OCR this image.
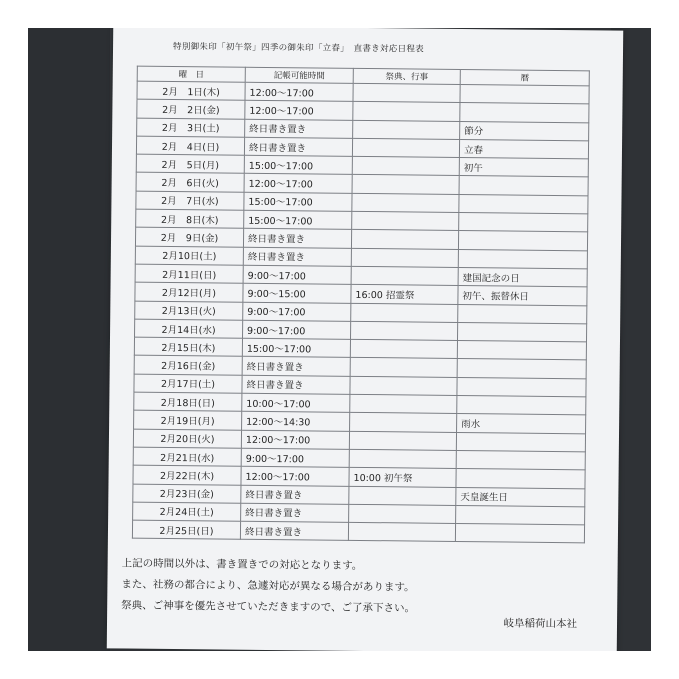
特別御朱印「初午祭」四季の御朱印「立春」　直書き対応日程表
曜　日	記帳可能時間	祭典、行事	暦
2月　1日(木)	12:00〜17:00		
2月　2日(金)	12:00〜17:00		
2月　3日(土)	終日書き置き		節分
2月　4日(日)	終日書き置き		立春
2月　5日(月)	15:00〜17:00		初午
2月　6日(火)	12:00〜17:00		
2月　7日(水)	15:00〜17:00		
2月　8日(木)	15:00〜17:00		
2月　9日(金)	終日書き置き		
2月10日(土)	終日書き置き		
2月11日(日)	9:00〜17:00		建国記念の日
2月12日(月)	9:00〜15:00	16:00 招霊祭	初午、振替休日
2月13日(火)	9:00〜17:00		
2月14日(水)	9:00〜17:00		
2月15日(木)	15:00〜17:00		
2月16日(金)	終日書き置き		
2月17日(土)	終日書き置き		
2月18日(日)	10:00〜17:00		
2月19日(月)	12:00〜14:30		雨水
2月20日(火)	12:00〜17:00		
2月21日(水)	9:00〜17:00		
2月22日(木)	12:00〜17:00	10:00 初午祭	
2月23日(金)	終日書き置き		天皇誕生日
2月24日(土)	終日書き置き		
2月25日(日)	終日書き置き		
上記の時間以外は、書き置きでの対応となります。
また、社務の都合により、急遽対応が異なる場合があります。
祭典、ご神事を優先させていただきますので、ご了承下さい。
岐阜稲荷山本社
